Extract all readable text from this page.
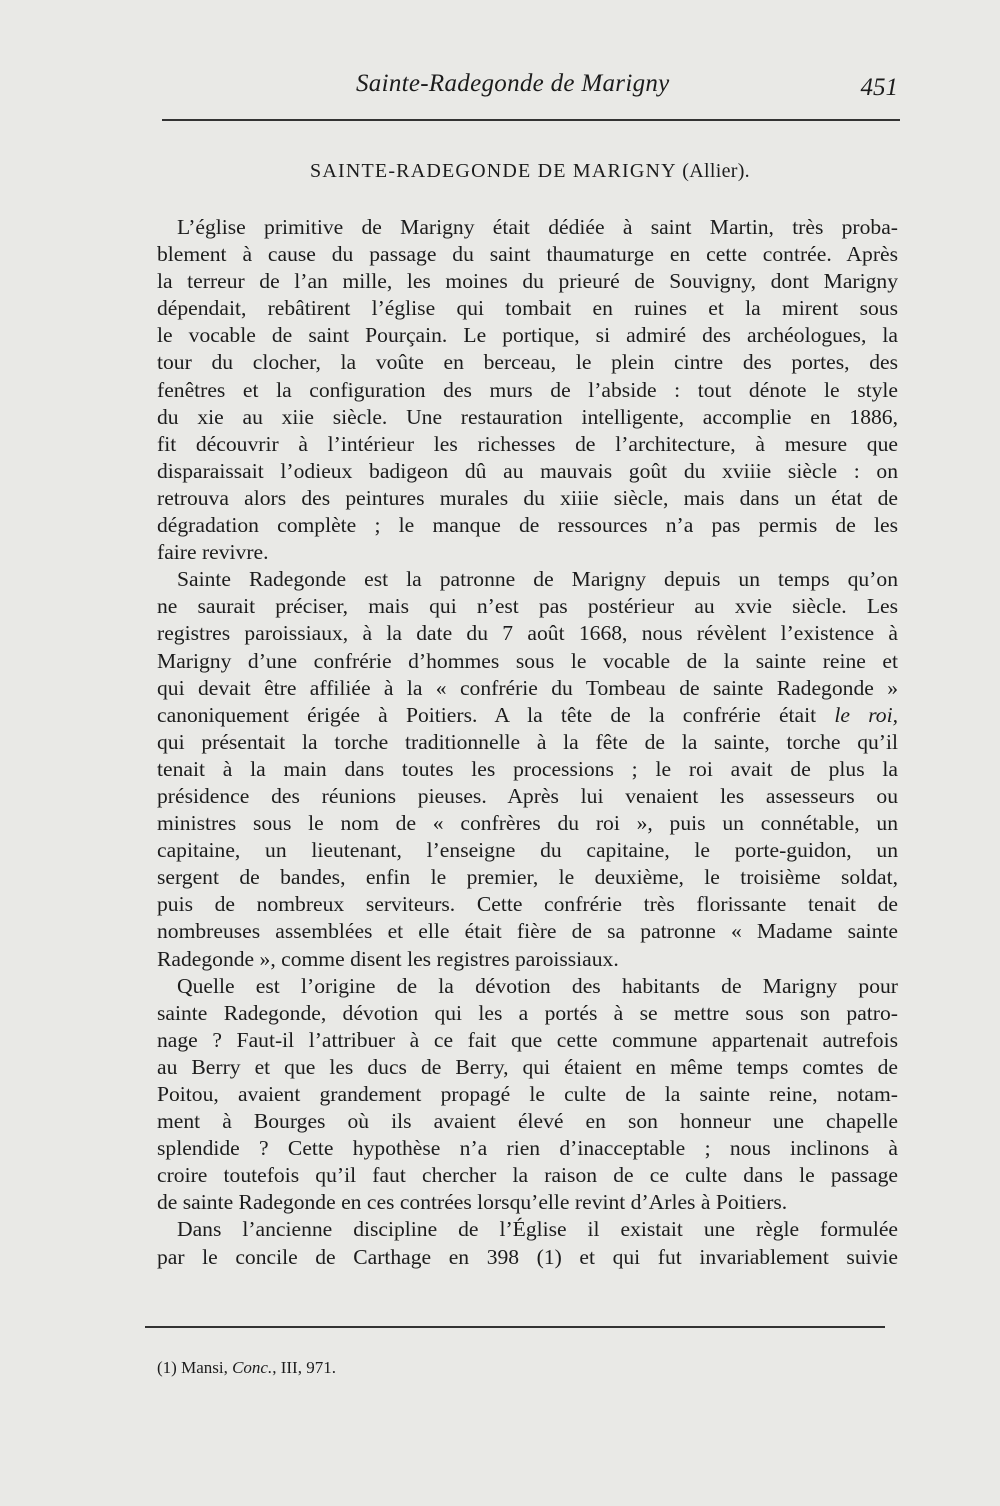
Sainte-Radegonde de Marigny	451
SAINTE-RADEGONDE DE MARIGNY (Allier).
L’église primitive de Marigny était dédiée à saint Martin, très proba-
blement à cause du passage du saint thaumaturge en cette contrée. Après
la terreur de l’an mille, les moines du prieuré de Souvigny, dont Marigny
dépendait, rebâtirent l’église qui tombait en ruines et la mirent sous
le vocable de saint Pourçain. Le portique, si admiré des archéologues, la
tour du clocher, la voûte en berceau, le plein cintre des portes, des
fenêtres et la configuration des murs de l’abside : tout dénote le style
du xie au xiie siècle. Une restauration intelligente, accomplie en 1886,
fit découvrir à l’intérieur les richesses de l’architecture, à mesure que
disparaissait l’odieux badigeon dû au mauvais goût du xviiie siècle : on
retrouva alors des peintures murales du xiiie siècle, mais dans un état de
dégradation complète ; le manque de ressources n’a pas permis de les
faire revivre.
Sainte Radegonde est la patronne de Marigny depuis un temps qu’on
ne saurait préciser, mais qui n’est pas postérieur au xvie siècle. Les
registres paroissiaux, à la date du 7 août 1668, nous révèlent l’existence à
Marigny d’une confrérie d’hommes sous le vocable de la sainte reine et
qui devait être affiliée à la « confrérie du Tombeau de sainte Radegonde »
canoniquement érigée à Poitiers. A la tête de la confrérie était le roi,
qui présentait la torche traditionnelle à la fête de la sainte, torche qu’il
tenait à la main dans toutes les processions ; le roi avait de plus la
présidence des réunions pieuses. Après lui venaient les assesseurs ou
ministres sous le nom de « confrères du roi », puis un connétable, un
capitaine, un lieutenant, l’enseigne du capitaine, le porte-guidon, un
sergent de bandes, enfin le premier, le deuxième, le troisième soldat,
puis de nombreux serviteurs. Cette confrérie très florissante tenait de
nombreuses assemblées et elle était fière de sa patronne « Madame sainte
Radegonde », comme disent les registres paroissiaux.
Quelle est l’origine de la dévotion des habitants de Marigny pour
sainte Radegonde, dévotion qui les a portés à se mettre sous son patro-
nage ? Faut-il l’attribuer à ce fait que cette commune appartenait autrefois
au Berry et que les ducs de Berry, qui étaient en même temps comtes de
Poitou, avaient grandement propagé le culte de la sainte reine, notam-
ment à Bourges où ils avaient élevé en son honneur une chapelle
splendide ? Cette hypothèse n’a rien d’inacceptable ; nous inclinons à
croire toutefois qu’il faut chercher la raison de ce culte dans le passage
de sainte Radegonde en ces contrées lorsqu’elle revint d’Arles à Poitiers.
Dans l’ancienne discipline de l’Église il existait une règle formulée
par le concile de Carthage en 398 (1) et qui fut invariablement suivie
(1) Mansi, Conc., III, 971.
